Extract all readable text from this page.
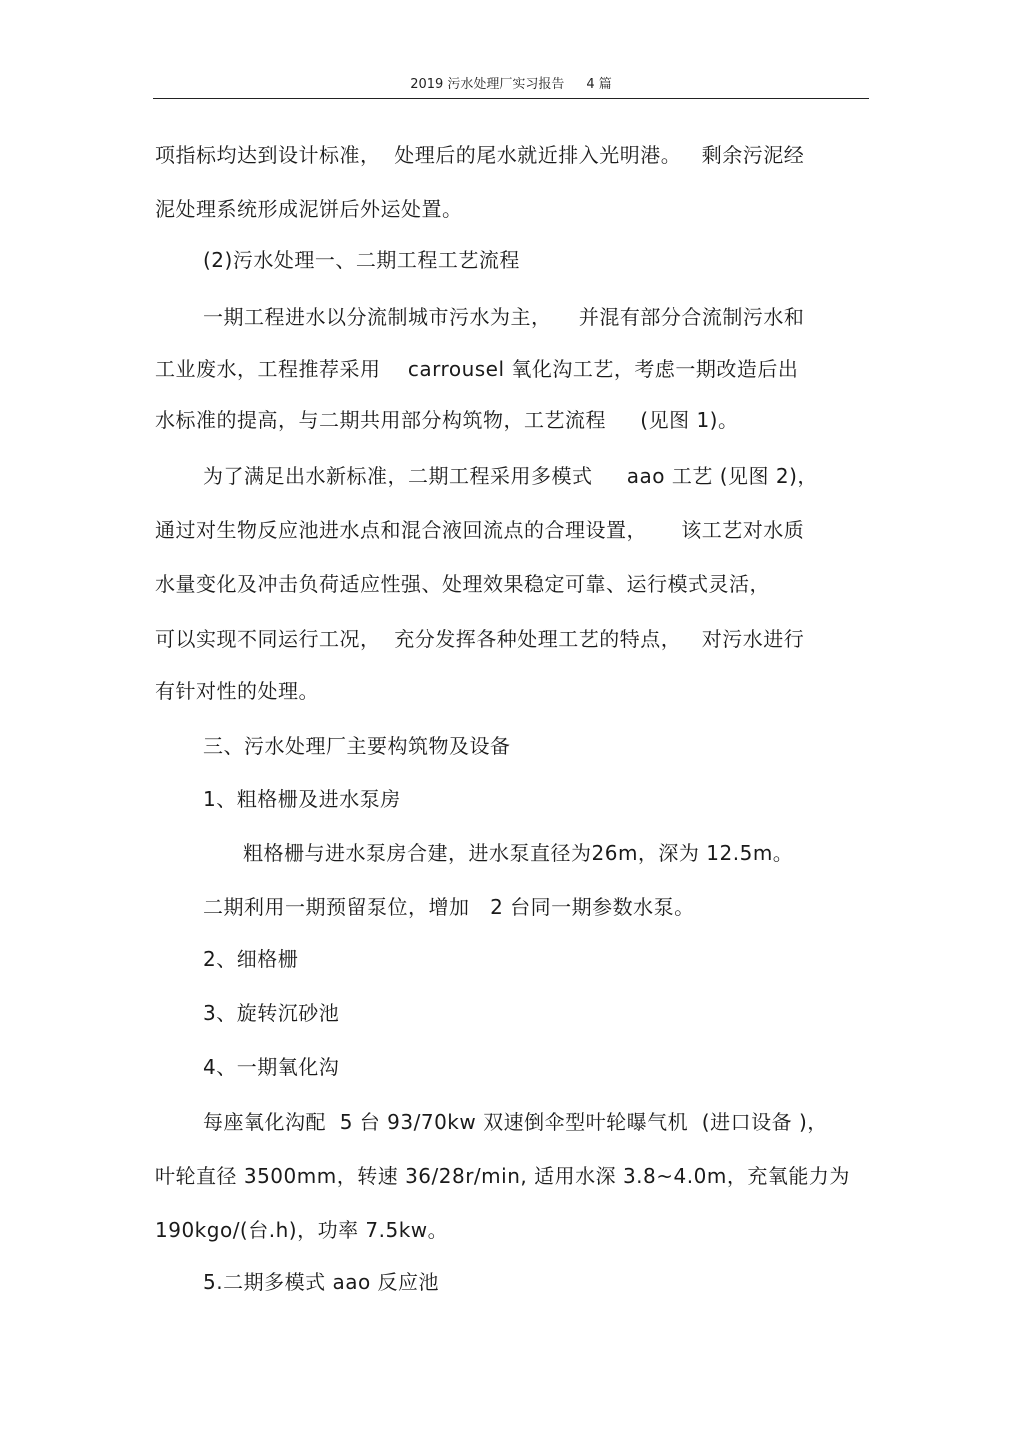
2019 污水处理厂实习报告 4 篇
项指标均达到设计标准，  处理后的尾水就近排入光明港。   剩余污泥经
泥处理系统形成泥饼后外运处置。
(2)污水处理一、二期工程工艺流程
一期工程进水以分流制城市污水为主，    并混有部分合流制污水和
工业废水，工程推荐采用    carrousel 氧化沟工艺，考虑一期改造后出
水标准的提高，与二期共用部分构筑物，工艺流程     (见图 1)。
为了满足出水新标准，二期工程采用多模式     aao 工艺 (见图 2)，
通过对生物反应池进水点和混合液回流点的合理设置，     该工艺对水质
水量变化及冲击负荷适应性强、处理效果稳定可靠、运行模式灵活，
可以实现不同运行工况，  充分发挥各种处理工艺的特点，   对污水进行
有针对性的处理。
三、污水处理厂主要构筑物及设备
1、粗格栅及进水泵房
粗格栅与进水泵房合建，进水泵直径为26m，深为 12.5m。
二期利用一期预留泵位，增加   2 台同一期参数水泵。
2、细格栅
3、旋转沉砂池
4、一期氧化沟
每座氧化沟配  5 台 93/70kw 双速倒伞型叶轮曝气机  (进口设备 )，
叶轮直径 3500mm，转速 36/28r/min, 适用水深 3.8~4.0m，充氧能力为
190kgo/(台.h)，功率 7.5kw。
5.二期多模式 aao 反应池
